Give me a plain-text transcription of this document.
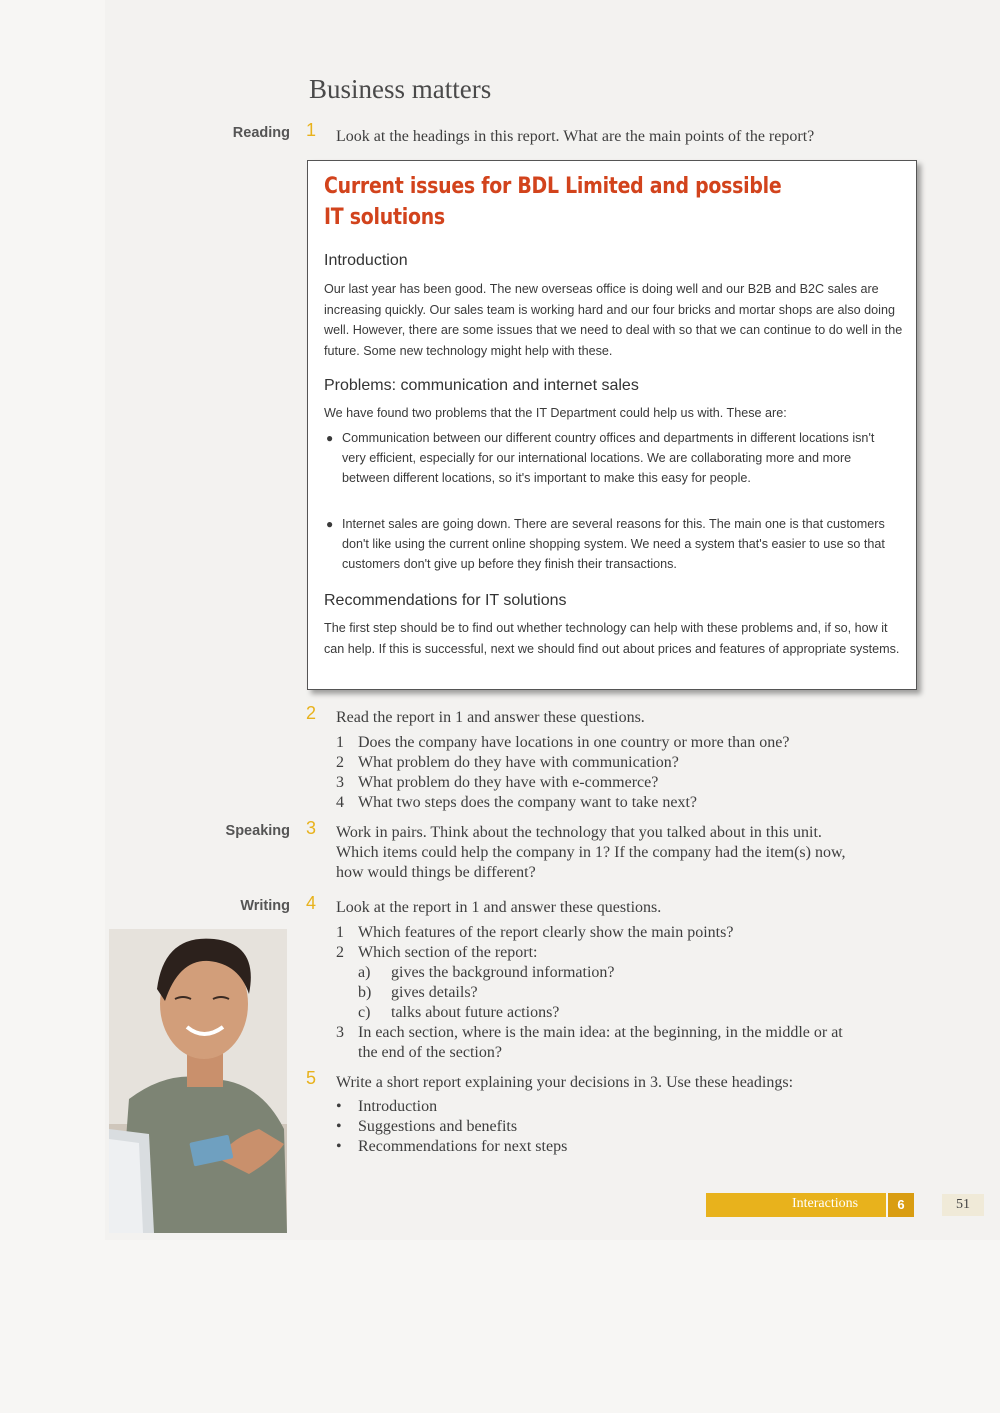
Business matters
Reading
Speaking
Writing
1 Look at the headings in this report. What are the main points of the report?
Current issues for BDL Limited and possible
IT solutions
Introduction
Our last year has been good. The new overseas office is doing well and our B2B and B2C sales are increasing quickly. Our sales team is working hard and our four bricks and mortar shops are also doing well. However, there are some issues that we need to deal with so that we can continue to do well in the future. Some new technology might help with these.
Problems: communication and internet sales
We have found two problems that the IT Department could help us with. These are:
● Communication between our different country offices and departments in different locations isn't very efficient, especially for our international locations. We are collaborating more and more between different locations, so it's important to make this easy for people.
● Internet sales are going down. There are several reasons for this. The main one is that customers don't like using the current online shopping system. We need a system that's easier to use so that customers don't give up before they finish their transactions.
Recommendations for IT solutions
The first step should be to find out whether technology can help with these problems and, if so, how it can help. If this is successful, next we should find out about prices and features of appropriate systems.
2 Read the report in 1 and answer these questions.
1 Does the company have locations in one country or more than one?
2 What problem do they have with communication?
3 What problem do they have with e-commerce?
4 What two steps does the company want to take next?
3 Work in pairs. Think about the technology that you talked about in this unit.
Which items could help the company in 1? If the company had the item(s) now,
how would things be different?
4 Look at the report in 1 and answer these questions.
1 Which features of the report clearly show the main points?
2 Which section of the report:
a) gives the background information?
b) gives details?
c) talks about future actions?
3 In each section, where is the main idea: at the beginning, in the middle or at
the end of the section?
5 Write a short report explaining your decisions in 3. Use these headings:
•	Introduction
•	Suggestions and benefits
•	Recommendations for next steps
Interactions	6	51
